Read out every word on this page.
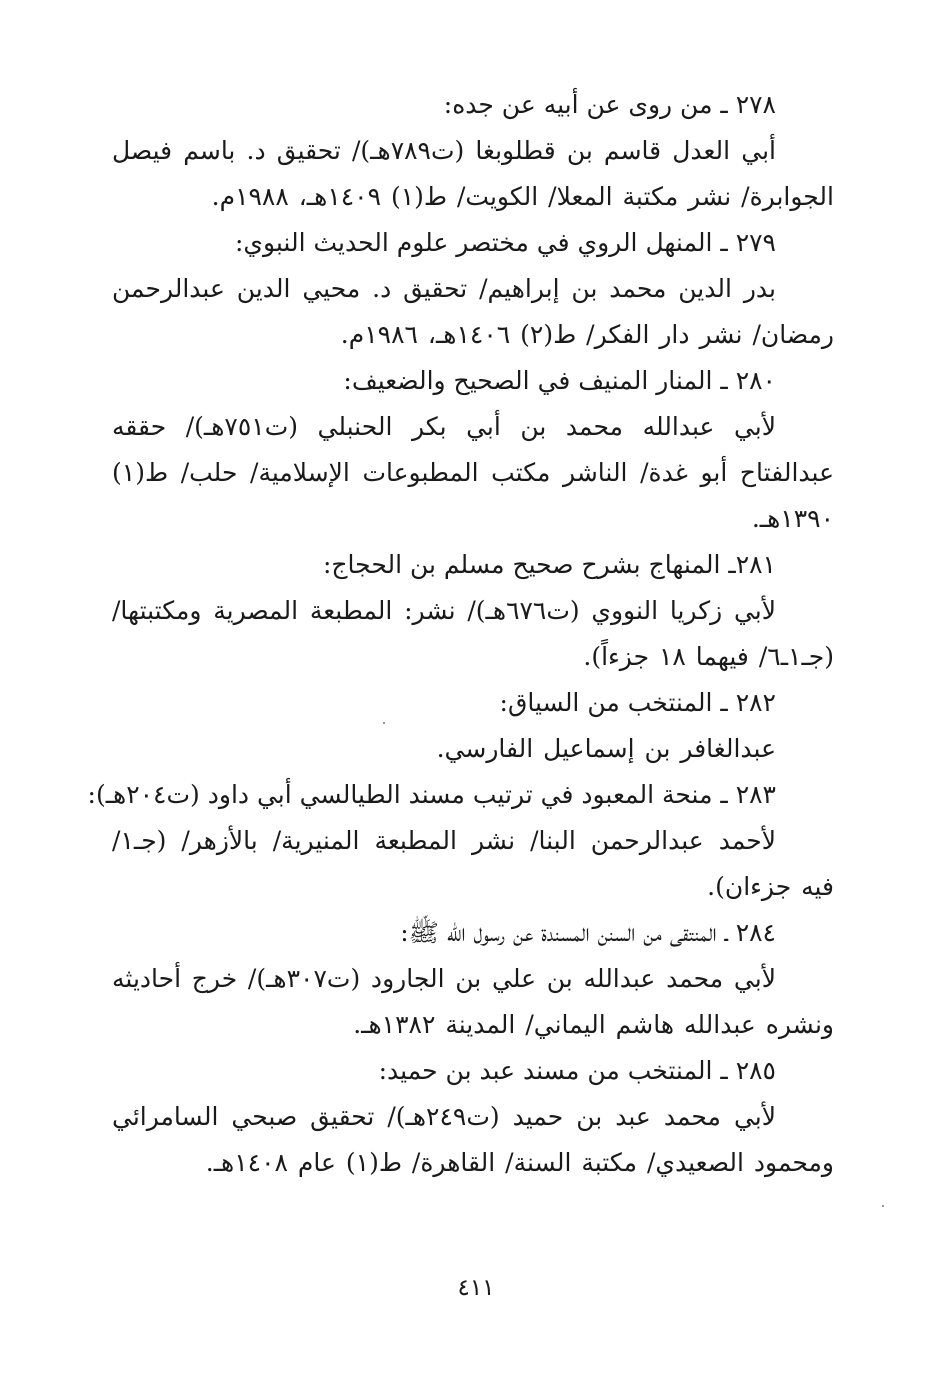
٢٧٨ ـ من روى عن أبيه عن جده:
أبي العدل قاسم بن قطلوبغا (ت٧٨٩هـ)/ تحقيق د. باسم فيصل الجوابرة/ نشر مكتبة المعلا/ الكويت/ ط(١) ١٤٠٩هـ، ١٩٨٨م.
٢٧٩ ـ المنهل الروي في مختصر علوم الحديث النبوي:
بدر الدين محمد بن إبراهيم/ تحقيق د. محيي الدين عبدالرحمن رمضان/ نشر دار الفكر/ ط(٢) ١٤٠٦هـ، ١٩٨٦م.
٢٨٠ ـ المنار المنيف في الصحيح والضعيف:
لأبي عبدالله محمد بن أبي بكر الحنبلي (ت٧٥١هـ)/ حققه عبدالفتاح أبو غدة/ الناشر مكتب المطبوعات الإسلامية/ حلب/ ط(١) ١٣٩٠هـ.
٢٨١ـ المنهاج بشرح صحيح مسلم بن الحجاج:
لأبي زكريا النووي (ت٦٧٦هـ)/ نشر: المطبعة المصرية ومكتبتها/ (جـ١ـ٦/ فيهما ١٨ جزءاً).
٢٨٢ ـ المنتخب من السياق:
عبدالغافر بن إسماعيل الفارسي.
٢٨٣ ـ منحة المعبود في ترتيب مسند الطيالسي أبي داود (ت٢٠٤هـ):
لأحمد عبدالرحمن البنا/ نشر المطبعة المنيرية/ بالأزهر/ (جـ١/ فيه جزءان).
٢٨٤ ـ المنتقى من السنن المسندة عن رسول الله ﷺ:
لأبي محمد عبدالله بن علي بن الجارود (ت٣٠٧هـ)/ خرج أحاديثه ونشره عبدالله هاشم اليماني/ المدينة ١٣٨٢هـ.
٢٨٥ ـ المنتخب من مسند عبد بن حميد:
لأبي محمد عبد بن حميد (ت٢٤٩هـ)/ تحقيق صبحي السامرائي ومحمود الصعيدي/ مكتبة السنة/ القاهرة/ ط(١) عام ١٤٠٨هـ.
٤١١
